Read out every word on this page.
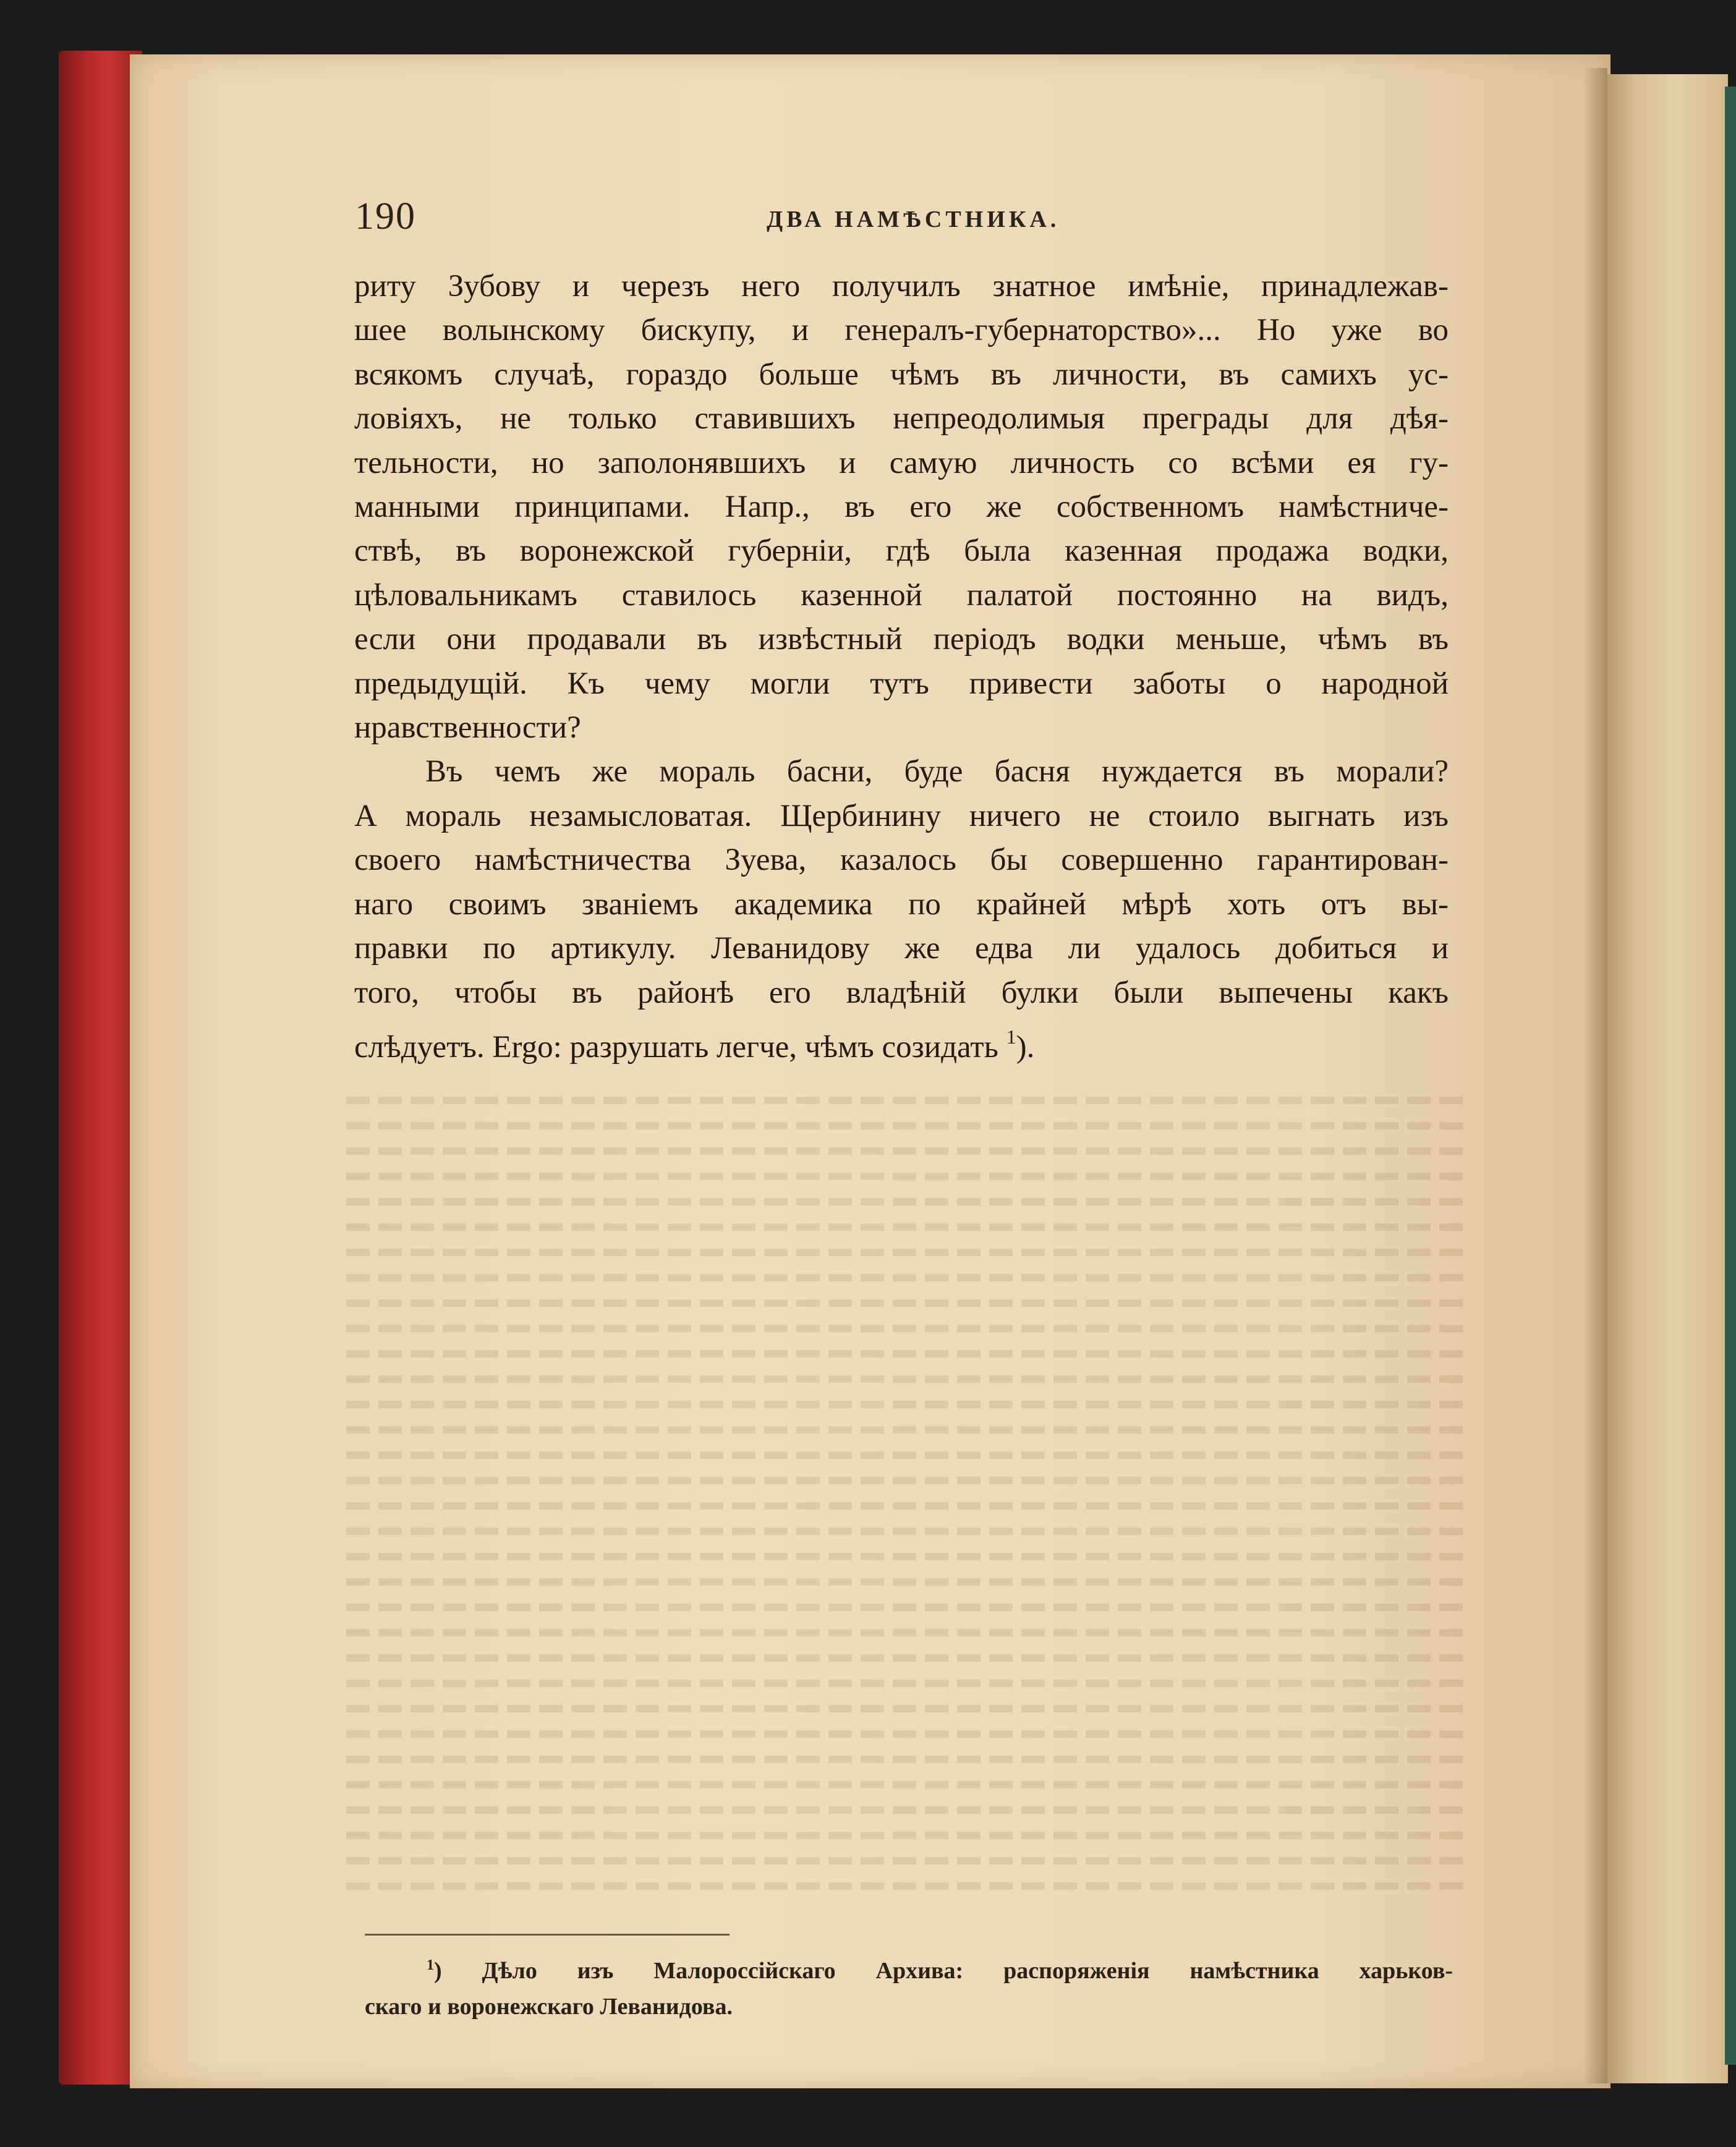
190	ДВА НАМѢСТНИКА.
риту Зубову и черезъ него получилъ знатное имѣніе, принадлежав-
шее волынскому бискупу, и генералъ-губернаторство»... Но уже во
всякомъ случаѣ, гораздо больше чѣмъ въ личности, въ самихъ ус-
ловіяхъ, не только ставившихъ непреодолимыя преграды для дѣя-
тельности, но заполонявшихъ и самую личность со всѣми ея гу-
манными принципами. Напр., въ его же собственномъ намѣстниче-
ствѣ, въ воронежской губерніи, гдѣ была казенная продажа водки,
цѣловальникамъ ставилось казенной палатой постоянно на видъ,
если они продавали въ извѣстный періодъ водки меньше, чѣмъ въ
предыдущій. Къ чему могли тутъ привести заботы о народной
нравственности?
Въ чемъ же мораль басни, буде басня нуждается въ морали?
А мораль незамысловатая. Щербинину ничего не стоило выгнать изъ
своего намѣстничества Зуева, казалось бы совершенно гарантирован-
наго своимъ званіемъ академика по крайней мѣрѣ хоть отъ вы-
правки по артикулу. Леванидову же едва ли удалось добиться и
того, чтобы въ районѣ его владѣній булки были выпечены какъ
слѣдуетъ. Ergo: разрушать легче, чѣмъ созидать $^1$).
$^1$) Дѣло изъ Малороссійскаго Архива: распоряженія намѣстника харьков-
скаго и воронежскаго Леванидова.
